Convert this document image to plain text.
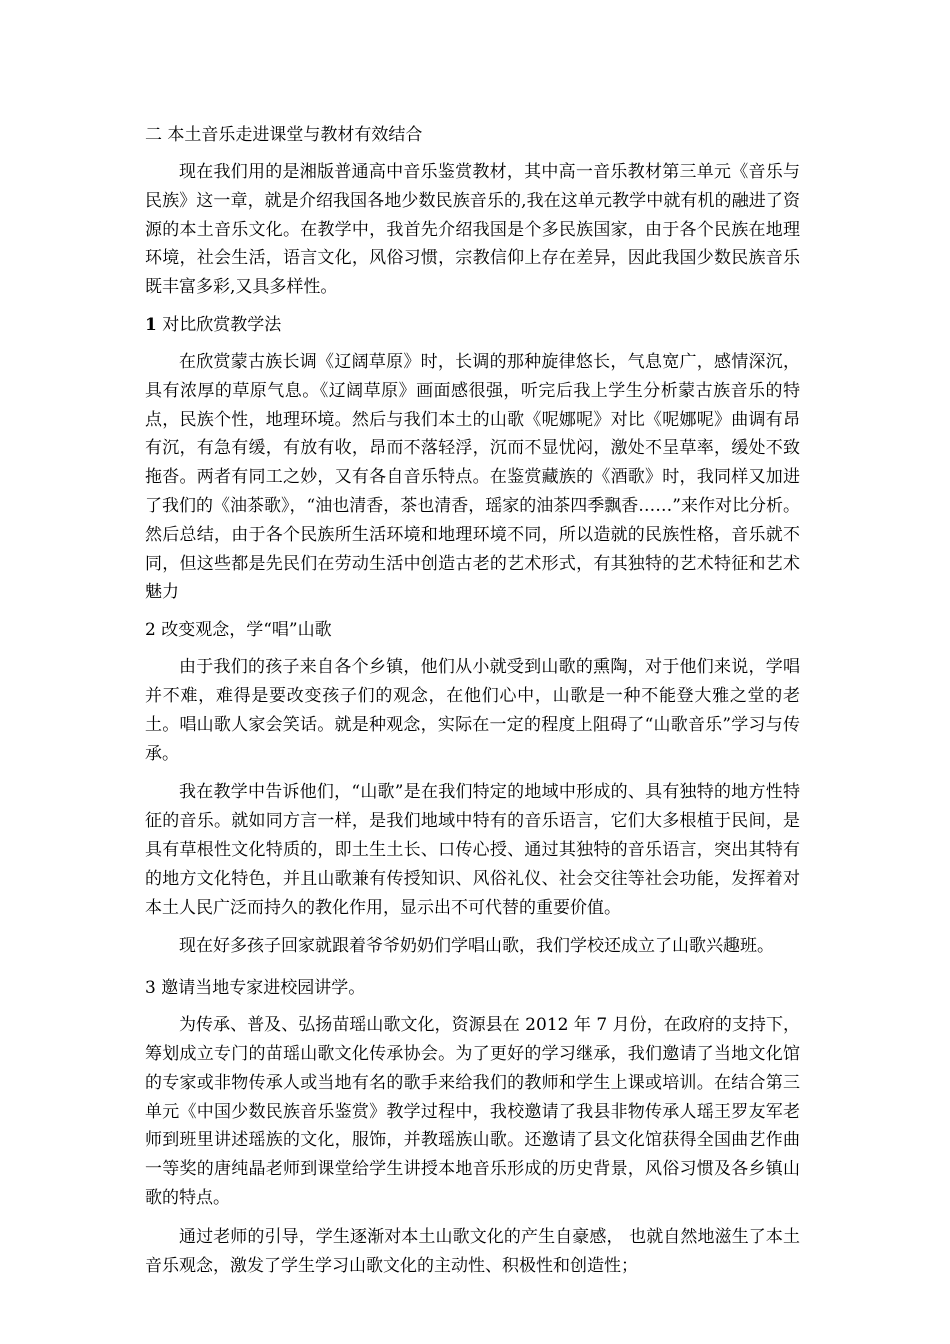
二 本土音乐走进课堂与教材有效结合

现在我们用的是湘版普通高中音乐鉴赏教材，其中高一音乐教材第三单元《音乐与民族》这一章，就是介绍我国各地少数民族音乐的,我在这单元教学中就有机的融进了资源的本土音乐文化。在教学中，我首先介绍我国是个多民族国家，由于各个民族在地理环境，社会生活，语言文化，风俗习惯，宗教信仰上存在差异，因此我国少数民族音乐既丰富多彩,又具多样性。

1 对比欣赏教学法

在欣赏蒙古族长调《辽阔草原》时，长调的那种旋律悠长，气息宽广，感情深沉，具有浓厚的草原气息。《辽阔草原》画面感很强，听完后我上学生分析蒙古族音乐的特点，民族个性，地理环境。然后与我们本土的山歌《呢娜呢》对比《呢娜呢》曲调有昂有沉，有急有缓，有放有收，昂而不落轻浮，沉而不显忧闷，激处不呈草率，缓处不致拖沓。两者有同工之妙，又有各自音乐特点。在鉴赏藏族的《酒歌》时，我同样又加进了我们的《油茶歌》，“油也清香，茶也清香，瑶家的油茶四季飘香……”来作对比分析。然后总结，由于各个民族所生活环境和地理环境不同，所以造就的民族性格，音乐就不同，但这些都是先民们在劳动生活中创造古老的艺术形式，有其独特的艺术特征和艺术魅力

2 改变观念，学“唱”山歌

由于我们的孩子来自各个乡镇，他们从小就受到山歌的熏陶，对于他们来说，学唱并不难，难得是要改变孩子们的观念，在他们心中，山歌是一种不能登大雅之堂的老土。唱山歌人家会笑话。就是种观念，实际在一定的程度上阻碍了“山歌音乐”学习与传承。

我在教学中告诉他们，“山歌”是在我们特定的地域中形成的、具有独特的地方性特征的音乐。就如同方言一样，是我们地域中特有的音乐语言，它们大多根植于民间，是具有草根性文化特质的，即土生土长、口传心授、通过其独特的音乐语言，突出其特有的地方文化特色，并且山歌兼有传授知识、风俗礼仪、社会交往等社会功能，发挥着对本土人民广泛而持久的教化作用，显示出不可代替的重要价值。

现在好多孩子回家就跟着爷爷奶奶们学唱山歌，我们学校还成立了山歌兴趣班。

3 邀请当地专家进校园讲学。

为传承、普及、弘扬苗瑶山歌文化，资源县在 2012 年 7 月份，在政府的支持下，筹划成立专门的苗瑶山歌文化传承协会。为了更好的学习继承，我们邀请了当地文化馆的专家或非物传承人或当地有名的歌手来给我们的教师和学生上课或培训。在结合第三单元《中国少数民族音乐鉴赏》教学过程中，我校邀请了我县非物传承人瑶王罗友军老师到班里讲述瑶族的文化，服饰，并教瑶族山歌。还邀请了县文化馆获得全国曲艺作曲一等奖的唐纯晶老师到课堂给学生讲授本地音乐形成的历史背景，风俗习惯及各乡镇山歌的特点。

通过老师的引导，学生逐渐对本土山歌文化的产生自豪感， 也就自然地滋生了本土音乐观念，激发了学生学习山歌文化的主动性、积极性和创造性；
